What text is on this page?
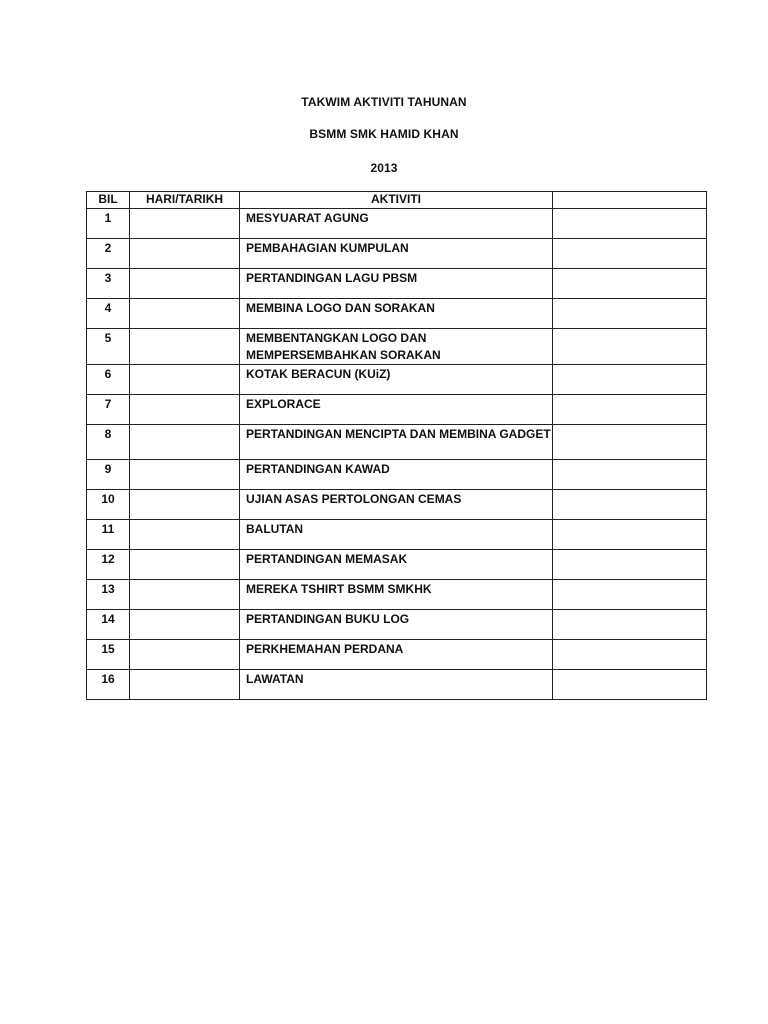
TAKWIM AKTIVITI TAHUNAN
BSMM SMK HAMID KHAN
2013
BIL	HARI/TARIKH	AKTIVITI	
1		MESYUARAT AGUNG	
2		PEMBAHAGIAN KUMPULAN	
3		PERTANDINGAN LAGU PBSM	
4		MEMBINA LOGO DAN SORAKAN	
5		MEMBENTANGKAN LOGO DAN MEMPERSEMBAHKAN SORAKAN	
6		KOTAK BERACUN (KUiZ)	
7		EXPLORACE	
8		PERTANDINGAN MENCIPTA DAN MEMBINA GADGET	
9		PERTANDINGAN KAWAD	
10		UJIAN ASAS PERTOLONGAN CEMAS	
11		BALUTAN	
12		PERTANDINGAN MEMASAK	
13		MEREKA TSHIRT BSMM SMKHK	
14		PERTANDINGAN BUKU LOG	
15		PERKHEMAHAN PERDANA	
16		LAWATAN	
